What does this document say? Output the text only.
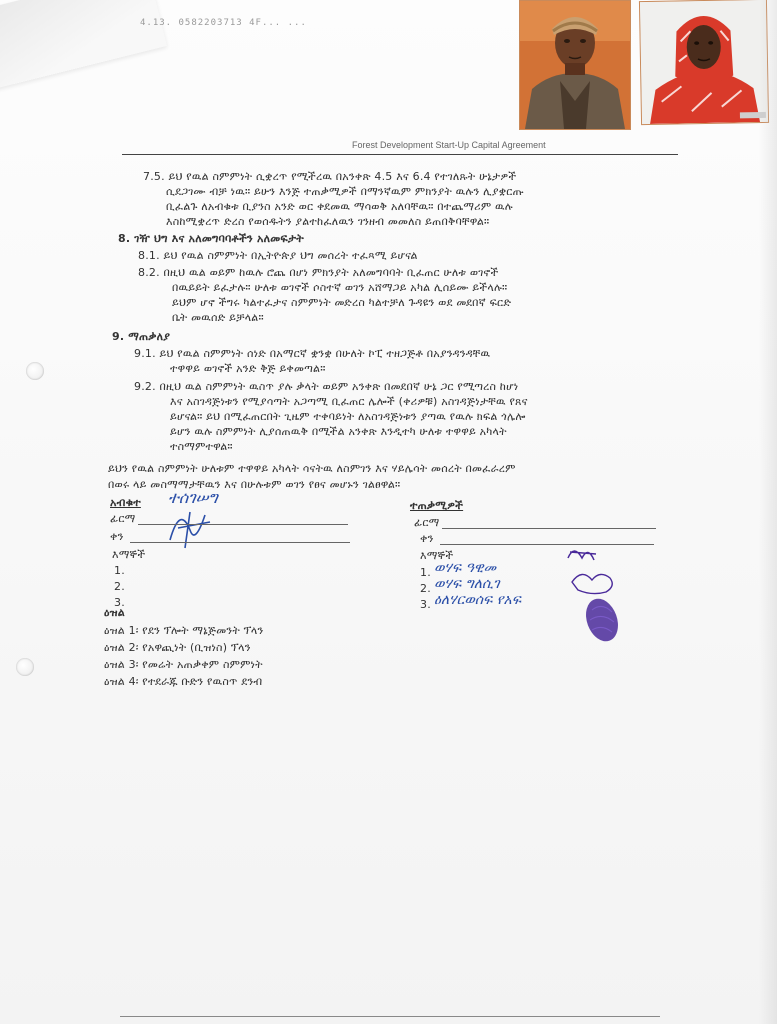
4.13. 0582203713 4F... ...
Forest Development Start-Up Capital Agreement
7.5. ይህ የዉል ስምምነት ሲቋረጥ የሚችረዉ በአንቀጽ 4.5 እና 6.4 የተገለጹት ሁኔታዎች
ሲደጋገሙ ብቻ ነዉ። ይሁን እንጅ ተጠቃሚዎች በማንኛዉም ምክንያት ዉሉን ሊያቋርጡ
ቢፈልጉ ለአብቁቱ ቢያንስ አንድ ወር ቀደመዉ ማሳወቅ አለባቸዉ። በተጨማሪም ዉሉ
እስከሚቋረጥ ድረስ የወሰዱትን ያልተከፈለዉን ገንዘብ መመለስ ይጠበቅባቸዋል።
8. ገዥ ህግ እና አለመግባባቶችን አለመፍታት
8.1. ይህ የዉል ስምምነት በኢትዮጵያ ህግ መሰረት ተፈጻሚ ይሆናል
8.2. በዚህ ዉል ወይም ከዉሉ ሮጨ በሆነ ምክንያት አለመግባባት ቢፈጠር ሁለቱ ወገኖች
በዉይይት ይፈታሉ። ሁለቱ ወገኖች ሶስተኛ ወገን አሸማጋይ አካል ሊሰይሙ ይችላሉ።
ይህም ሆኖ ችግሩ ካልተፈታና ስምምነት መድረስ ካልተቻለ ጉዳዩን ወደ መደበኛ ፍርድ
ቤት መዉሰድ ይቻላል።
9. ማጠቃለያ
9.1. ይህ የዉል ስምምነት ሰነድ በአማርኛ ቋንቋ በሁለት ኮፒ ተዘጋጅቶ በአያንዳንዳቸዉ
ተዋዋይ ወገኖች አንድ ቅጅ ይቀመጣል።
9.2. በዚህ ዉል ስምምነት ዉስጥ ያሉ ቃላት ወይም አንቀጽ በመደበኛ ሁኔ ጋር የሚጣረስ ከሆነ
እና አስገዳጅነቱን የሚያሳጣት አጋጣሚ ቢፈጠር ሌሎች (ቀሪዎቹ) አስገዳጅነታቸዉ የጸና
ይሆናል። ይህ በሚፈጠርበት ጊዜም ተቀባይነት ለአስገዳጅነቱን ያጣዉ የዉሉ ክፍል ጎሌሎ
ይሆን ዉሉ ስምምነት ሊያሰጠዉቅ በሚችል አንቀጽ እንዲተካ ሁለቱ ተዋዋይ አካላት
ተስማምተዋል።
ይህን የዉል ስምምነት ሁለቱም ተዋዋይ አካላት ሳናትዉ ለስምገን እና ሃይሌሳት መሰረት በመፈራረም
በወሩ ላይ መስማማታቸዉን እና በሁሉቱም ወገን የፀና መሆኑን ገልፀዋል።
አብቁተ ተሰገሠግ
ፊርማ
ቀን
እማኞች
1.
2.
3.
ተጠቃሚዎች
ፊርማ
ቀን
እማኞች
1. ወሃፍ ዓዊመ
2. ወሃፍ ግለሲገ
3. ዕለሃርወሰፍ የአፍ
ዕዝል
ዕዝል 1፡ የደን ፕሎት ማኔጅመንት ፕላን
ዕዝል 2፡ የአዋጪነት (ቢዝነስ) ፕላን
ዕዝል 3፡ የመሬት አጠቃቀም ስምምነት
ዕዝል 4፡ የተደራጁ ቡድን የዉስጥ ደንብ
